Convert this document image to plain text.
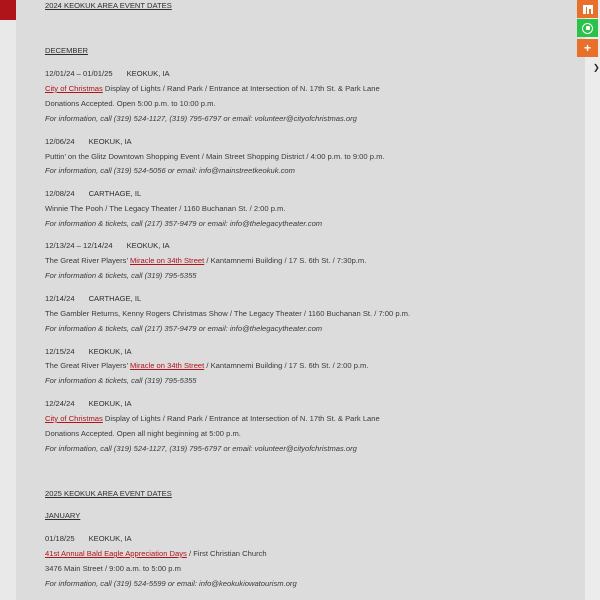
+
❯
2024 KEOKUK AREA EVENT DATES
DECEMBER
12/01/24 – 01/01/25 KEOKUK, IA
City of Christmas Display of Lights / Rand Park / Entrance at Intersection of N. 17th St. & Park Lane
Donations Accepted. Open 5:00 p.m. to 10:00 p.m.
For information, call (319) 524-1127, (319) 795-6797 or email: volunteer@cityofchristmas.org
12/06/24 KEOKUK, IA
Puttin’ on the Glitz Downtown Shopping Event / Main Street Shopping District / 4:00 p.m. to 9:00 p.m.
For information, call (319) 524-5056 or email: info@mainstreetkeokuk.com
12/08/24 CARTHAGE, IL
Winnie The Pooh / The Legacy Theater / 1160 Buchanan St. / 2:00 p.m.
For information & tickets, call (217) 357-9479 or email: info@thelegacytheater.com
12/13/24 – 12/14/24 KEOKUK, IA
The Great River Players’ Miracle on 34th Street / Kantamnemi Building / 17 S. 6th St. / 7:30p.m.
For information & tickets, call (319) 795-5355
12/14/24 CARTHAGE, IL
The Gambler Returns, Kenny Rogers Christmas Show / The Legacy Theater / 1160 Buchanan St. / 7:00 p.m.
For information & tickets, call (217) 357-9479 or email: info@thelegacytheater.com
12/15/24 KEOKUK, IA
The Great River Players’ Miracle on 34th Street / Kantamnemi Building / 17 S. 6th St. / 2:00 p.m.
For information & tickets, call (319) 795-5355
12/24/24 KEOKUK, IA
City of Christmas Display of Lights / Rand Park / Entrance at Intersection of N. 17th St. & Park Lane
Donations Accepted. Open all night beginning at 5:00 p.m.
For information, call (319) 524-1127, (319) 795-6797 or email: volunteer@cityofchristmas.org
2025 KEOKUK AREA EVENT DATES
JANUARY
01/18/25 KEOKUK, IA
41st Annual Bald Eagle Appreciation Days / First Christian Church
3476 Main Street / 9:00 a.m. to 5:00 p.m
For information, call (319) 524-5599 or email: info@keokukiowatourism.org
